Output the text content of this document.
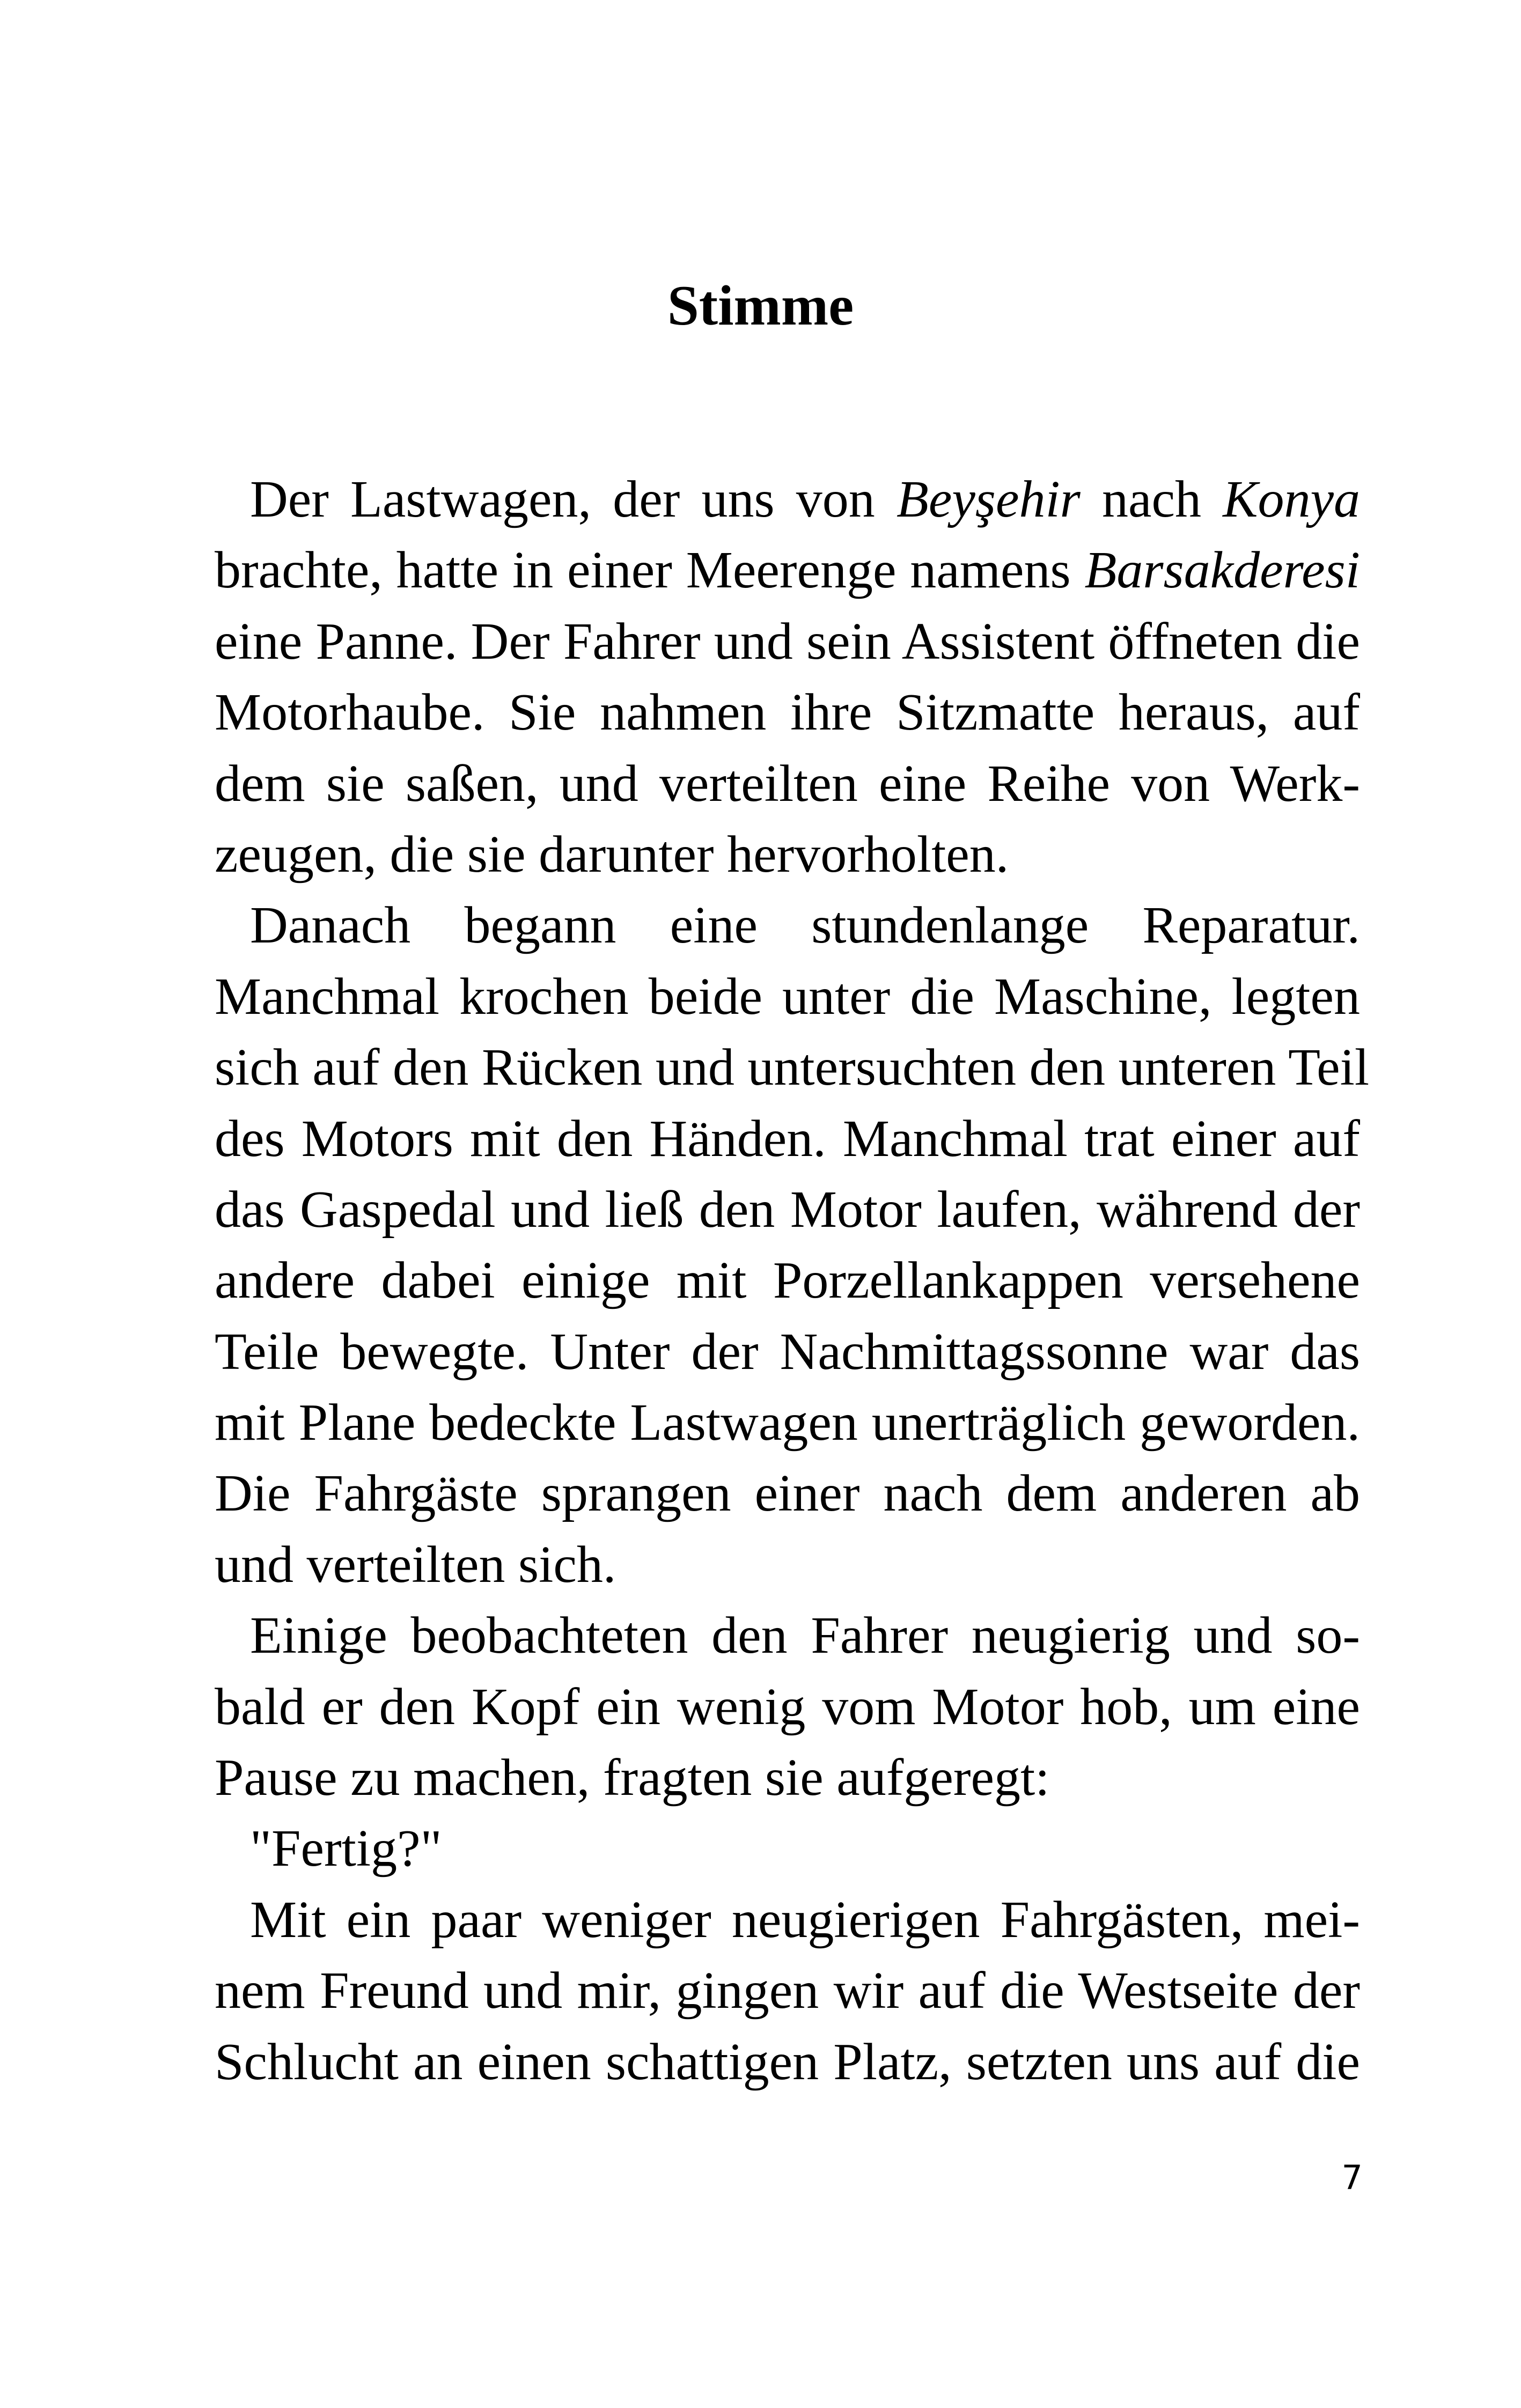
Stimme
Der Lastwagen, der uns von Beyşehir nach Konya
brachte, hatte in einer Meerenge namens Barsakderesi
eine Panne. Der Fahrer und sein Assistent öffneten die
Motorhaube. Sie nahmen ihre Sitzmatte heraus, auf
dem sie saßen, und verteilten eine Reihe von Werk-
zeugen, die sie darunter hervorholten.
Danach begann eine stundenlange Reparatur.
Manchmal krochen beide unter die Maschine, legten
sich auf den Rücken und untersuchten den unteren Teil
des Motors mit den Händen. Manchmal trat einer auf
das Gaspedal und ließ den Motor laufen, während der
andere dabei einige mit Porzellankappen versehene
Teile bewegte. Unter der Nachmittagssonne war das
mit Plane bedeckte Lastwagen unerträglich geworden.
Die Fahrgäste sprangen einer nach dem anderen ab
und verteilten sich.
Einige beobachteten den Fahrer neugierig und so-
bald er den Kopf ein wenig vom Motor hob, um eine
Pause zu machen, fragten sie aufgeregt:
"Fertig?"
Mit ein paar weniger neugierigen Fahrgästen, mei-
nem Freund und mir, gingen wir auf die Westseite der
Schlucht an einen schattigen Platz, setzten uns auf die
7
